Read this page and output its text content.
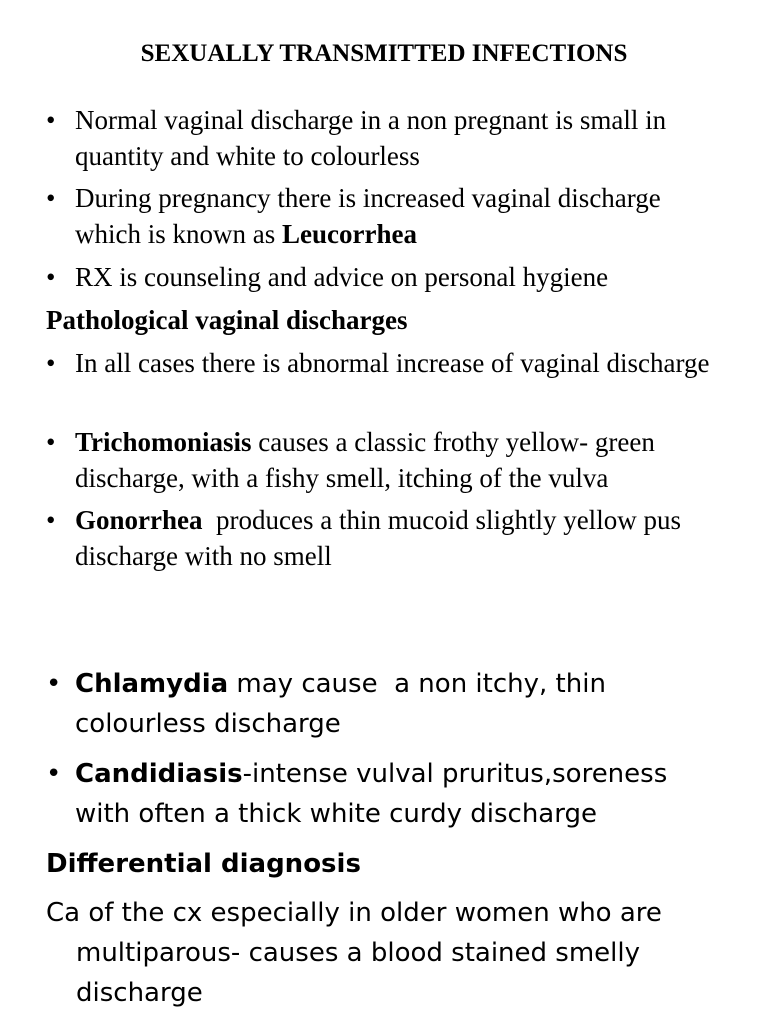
SEXUALLY TRANSMITTED INFECTIONS
• Normal vaginal discharge in a non pregnant is small in quantity and white to colourless
• During pregnancy there is increased vaginal discharge which is known as Leucorrhea
• RX is counseling and advice on personal hygiene
Pathological vaginal discharges
• In all cases there is abnormal increase of vaginal discharge
• Trichomoniasis causes a classic frothy yellow- green discharge, with a fishy smell, itching of the vulva
• Gonorrhea  produces a thin mucoid slightly yellow pus discharge with no smell
• Chlamydia may cause  a non itchy, thin colourless discharge
• Candidiasis-intense vulval pruritus,soreness with often a thick white curdy discharge
Differential diagnosis
Ca of the cx especially in older women who are
multiparous- causes a blood stained smelly discharge
